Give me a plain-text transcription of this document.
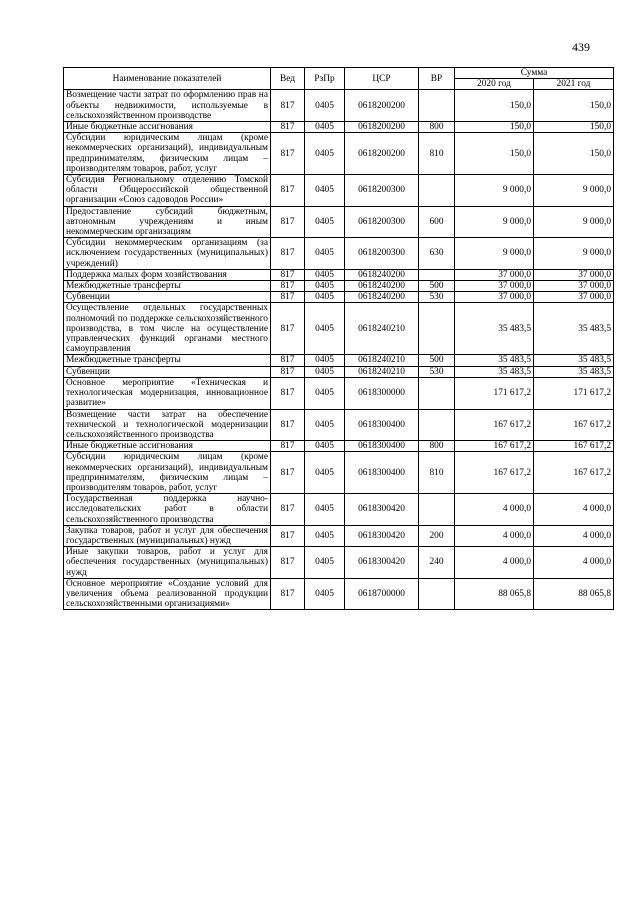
439
Наименование показателей	Вед	РзПр	ЦСР	ВР	Сумма	
					2020 год	2021 год
Возмещение части затрат по оформлению прав на объекты недвижимости, используемые в сельскохозяйственном производстве	817	0405	0618200200		150,0	150,0
Иные бюджетные ассигнования	817	0405	0618200200	800	150,0	150,0
Субсидии юридическим лицам (кроме некоммерческих организаций), индивидуальным предпринимателям, физическим лицам – производителям товаров, работ, услуг	817	0405	0618200200	810	150,0	150,0
Субсидия Региональному отделению Томской области Общероссийской общественной организации «Союз садоводов России»	817	0405	0618200300		9 000,0	9 000,0
Предоставление субсидий бюджетным, автономным учреждениям и иным некоммерческим организациям	817	0405	0618200300	600	9 000,0	9 000,0
Субсидии некоммерческим организациям (за исключением государственных (муниципальных) учреждений)	817	0405	0618200300	630	9 000,0	9 000,0
Поддержка малых форм хозяйствования	817	0405	0618240200		37 000,0	37 000,0
Межбюджетные трансферты	817	0405	0618240200	500	37 000,0	37 000,0
Субвенции	817	0405	0618240200	530	37 000,0	37 000,0
Осуществление отдельных государственных полномочий по поддержке сельскохозяйственного производства, в том числе на осуществление управленческих функций органами местного самоуправления	817	0405	0618240210		35 483,5	35 483,5
Межбюджетные трансферты	817	0405	0618240210	500	35 483,5	35 483,5
Субвенции	817	0405	0618240210	530	35 483,5	35 483,5
Основное мероприятие «Техническая и технологическая модернизация, инновационное развитие»	817	0405	0618300000		171 617,2	171 617,2
Возмещение части затрат на обеспечение технической и технологической модернизации сельскохозяйственного производства	817	0405	0618300400		167 617,2	167 617,2
Иные бюджетные ассигнования	817	0405	0618300400	800	167 617,2	167 617,2
Субсидии юридическим лицам (кроме некоммерческих организаций), индивидуальным предпринимателям, физическим лицам – производителям товаров, работ, услуг	817	0405	0618300400	810	167 617,2	167 617,2
Государственная поддержка научно-исследовательских работ в области сельскохозяйственного производства	817	0405	0618300420		4 000,0	4 000,0
Закупка товаров, работ и услуг для обеспечения государственных (муниципальных) нужд	817	0405	0618300420	200	4 000,0	4 000,0
Иные закупки товаров, работ и услуг для обеспечения государственных (муниципальных) нужд	817	0405	0618300420	240	4 000,0	4 000,0
Основное мероприятие «Создание условий для увеличения объема реализованной продукции сельскохозяйственными организациями»	817	0405	0618700000		88 065,8	88 065,8
